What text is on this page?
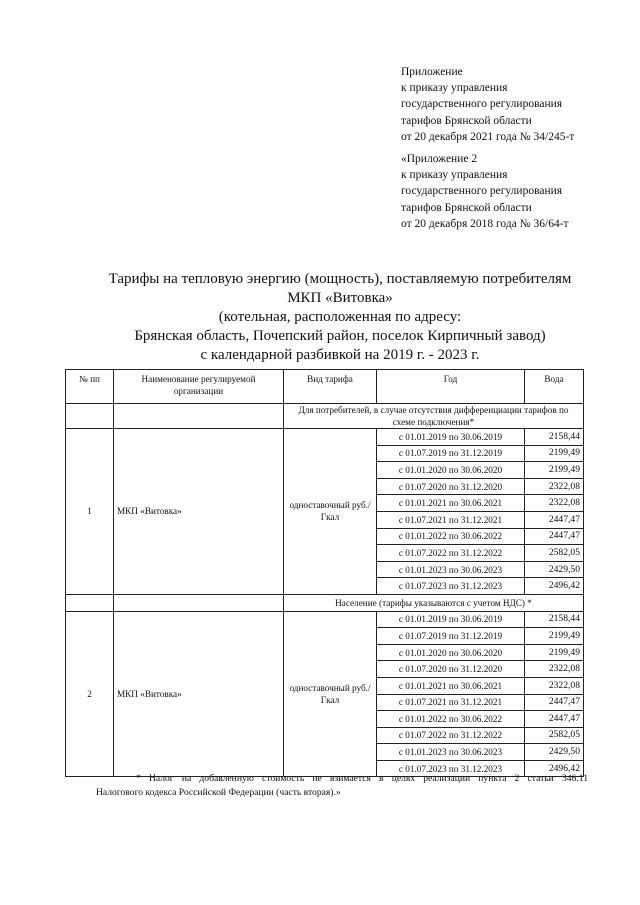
Приложение
к приказу управления
государственного регулирования
тарифов Брянской области
от 20 декабря 2021 года № 34/245-т
«Приложение 2
к приказу управления
государственного регулирования
тарифов Брянской области
от 20 декабря 2018 года № 36/64-т
Тарифы на тепловую энергию (мощность), поставляемую потребителям
МКП «Витовка»
(котельная, расположенная по адресу:
Брянская область, Почепский район, поселок Кирпичный завод)
с календарной разбивкой на 2019 г. - 2023 г.
№ пп	Наименование регулируемой организации	Вид тарифа	Год	Вода
		Для потребителей, в случае отсутствия дифференциации тарифов по схеме подключения*		
1	МКП «Витовка»	одноставочный руб./Гкал	с 01.01.2019 по 30.06.2019	2158,44
			с 01.07.2019 по 31.12.2019	2199,49
			с 01.01.2020 по 30.06.2020	2199,49
			с 01.07.2020 по 31.12.2020	2322,08
			с 01.01.2021 по 30.06.2021	2322,08
			с 01.07.2021 по 31.12.2021	2447,47
			с 01.01.2022 по 30.06.2022	2447,47
			с 01.07.2022 по 31.12.2022	2582,05
			с 01.01.2023 по 30.06.2023	2429,50
			с 01.07.2023 по 31.12.2023	2496,42
		Население (тарифы указываются с учетом НДС) *		
2	МКП «Витовка»	одноставочный руб./Гкал	с 01.01.2019 по 30.06.2019	2158,44
			с 01.07.2019 по 31.12.2019	2199,49
			с 01.01.2020 по 30.06.2020	2199,49
			с 01.07.2020 по 31.12.2020	2322,08
			с 01.01.2021 по 30.06.2021	2322,08
			с 01.07.2021 по 31.12.2021	2447,47
			с 01.01.2022 по 30.06.2022	2447,47
			с 01.07.2022 по 31.12.2022	2582,05
			с 01.01.2023 по 30.06.2023	2429,50
			с 01.07.2023 по 31.12.2023	2496,42
* Налог на добавленную стоимость не взимается в целях реализации пункта 2 статьи 346.11
Налогового кодекса Российской Федерации (часть вторая).»
